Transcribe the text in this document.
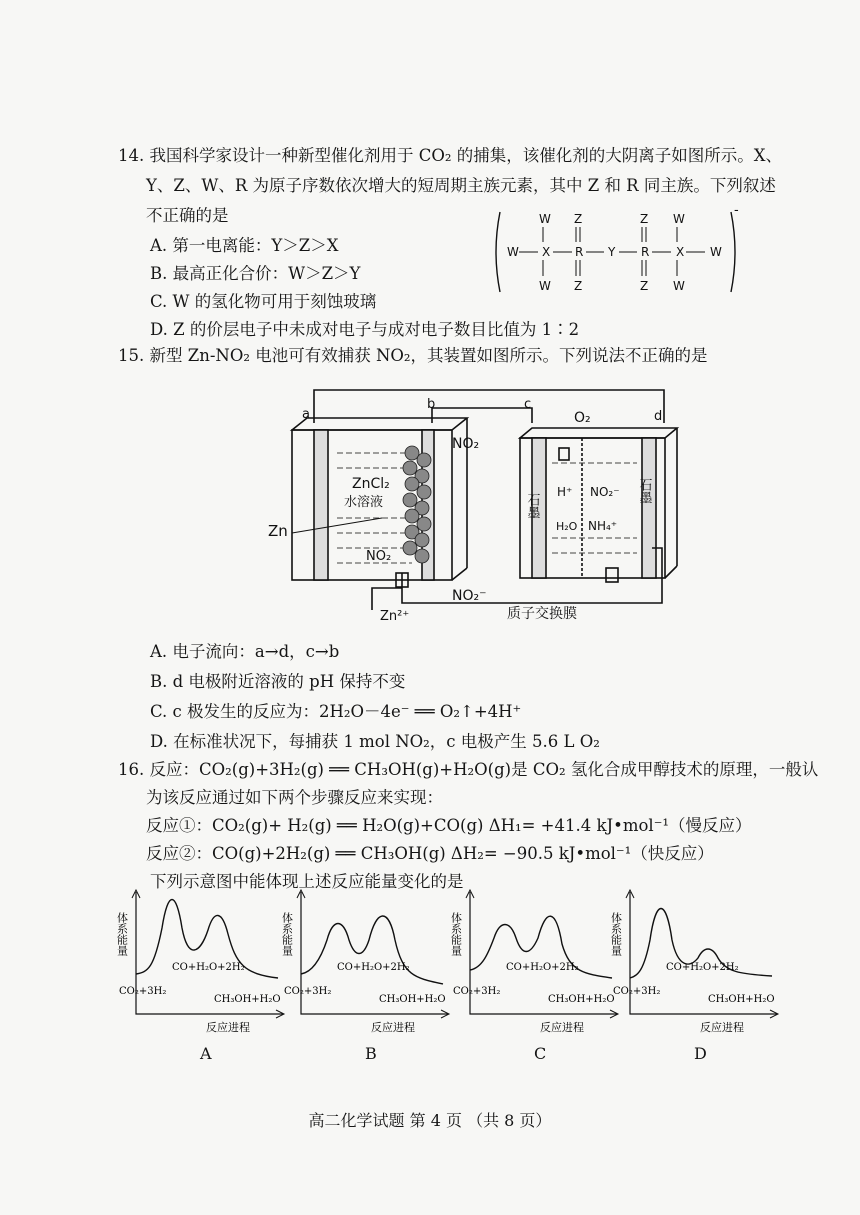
14. 我国科学家设计一种新型催化剂用于 CO₂ 的捕集，该催化剂的大阴离子如图所示。X、
Y、Z、W、R 为原子序数依次增大的短周期主族元素，其中 Z 和 R 同主族。下列叙述
不正确的是
A. 第一电离能：Y＞Z＞X
B. 最高正化合价：W＞Z＞Y
C. W 的氢化物可用于刻蚀玻璃
D. Z 的价层电子中未成对电子与成对电子数目比值为 1∶2
-
W X R Y R X W
W Z	Z W
W Z	Z W
15. 新型 Zn-NO₂ 电池可有效捕获 NO₂，其装置如图所示。下列说法不正确的是
a
b	c
d
NO₂
ZnCl₂
水溶液
Zn
NO₂
Zn²⁺
NO₂⁻
质子交换膜
O₂
石墨
石墨
H⁺ NO₂⁻
H₂O NH₄⁺
A. 电子流向：a→d，c→b
B. d 电极附近溶液的 pH 保持不变
C. c 极发生的反应为：2H₂O－4e⁻ ══ O₂↑+4H⁺
D. 在标准状况下，每捕获 1 mol NO₂，c 电极产生 5.6 L O₂
16. 反应：CO₂(g)+3H₂(g) ══ CH₃OH(g)+H₂O(g)是 CO₂ 氢化合成甲醇技术的原理，一般认
为该反应通过如下两个步骤反应来实现：
反应①：CO₂(g)+ H₂(g) ══ H₂O(g)+CO(g) ΔH₁= +41.4 kJ•mol⁻¹（慢反应）
反应②：CO(g)+2H₂(g) ══ CH₃OH(g) ΔH₂= −90.5 kJ•mol⁻¹（快反应）
下列示意图中能体现上述反应能量变化的是
体系能量
反应进程
CO₂+3H₂
CO+H₂O+2H₂
CH₃OH+H₂O
A
体系能量
反应进程
CO₂+3H₂
CO+H₂O+2H₂
CH₃OH+H₂O
B
体系能量
反应进程
CO₂+3H₂
CO+H₂O+2H₂
CH₃OH+H₂O
C
体系能量
反应进程
CO₂+3H₂
CO+H₂O+2H₂
CH₃OH+H₂O
D
高二化学试题 第 4 页 （共 8 页）
